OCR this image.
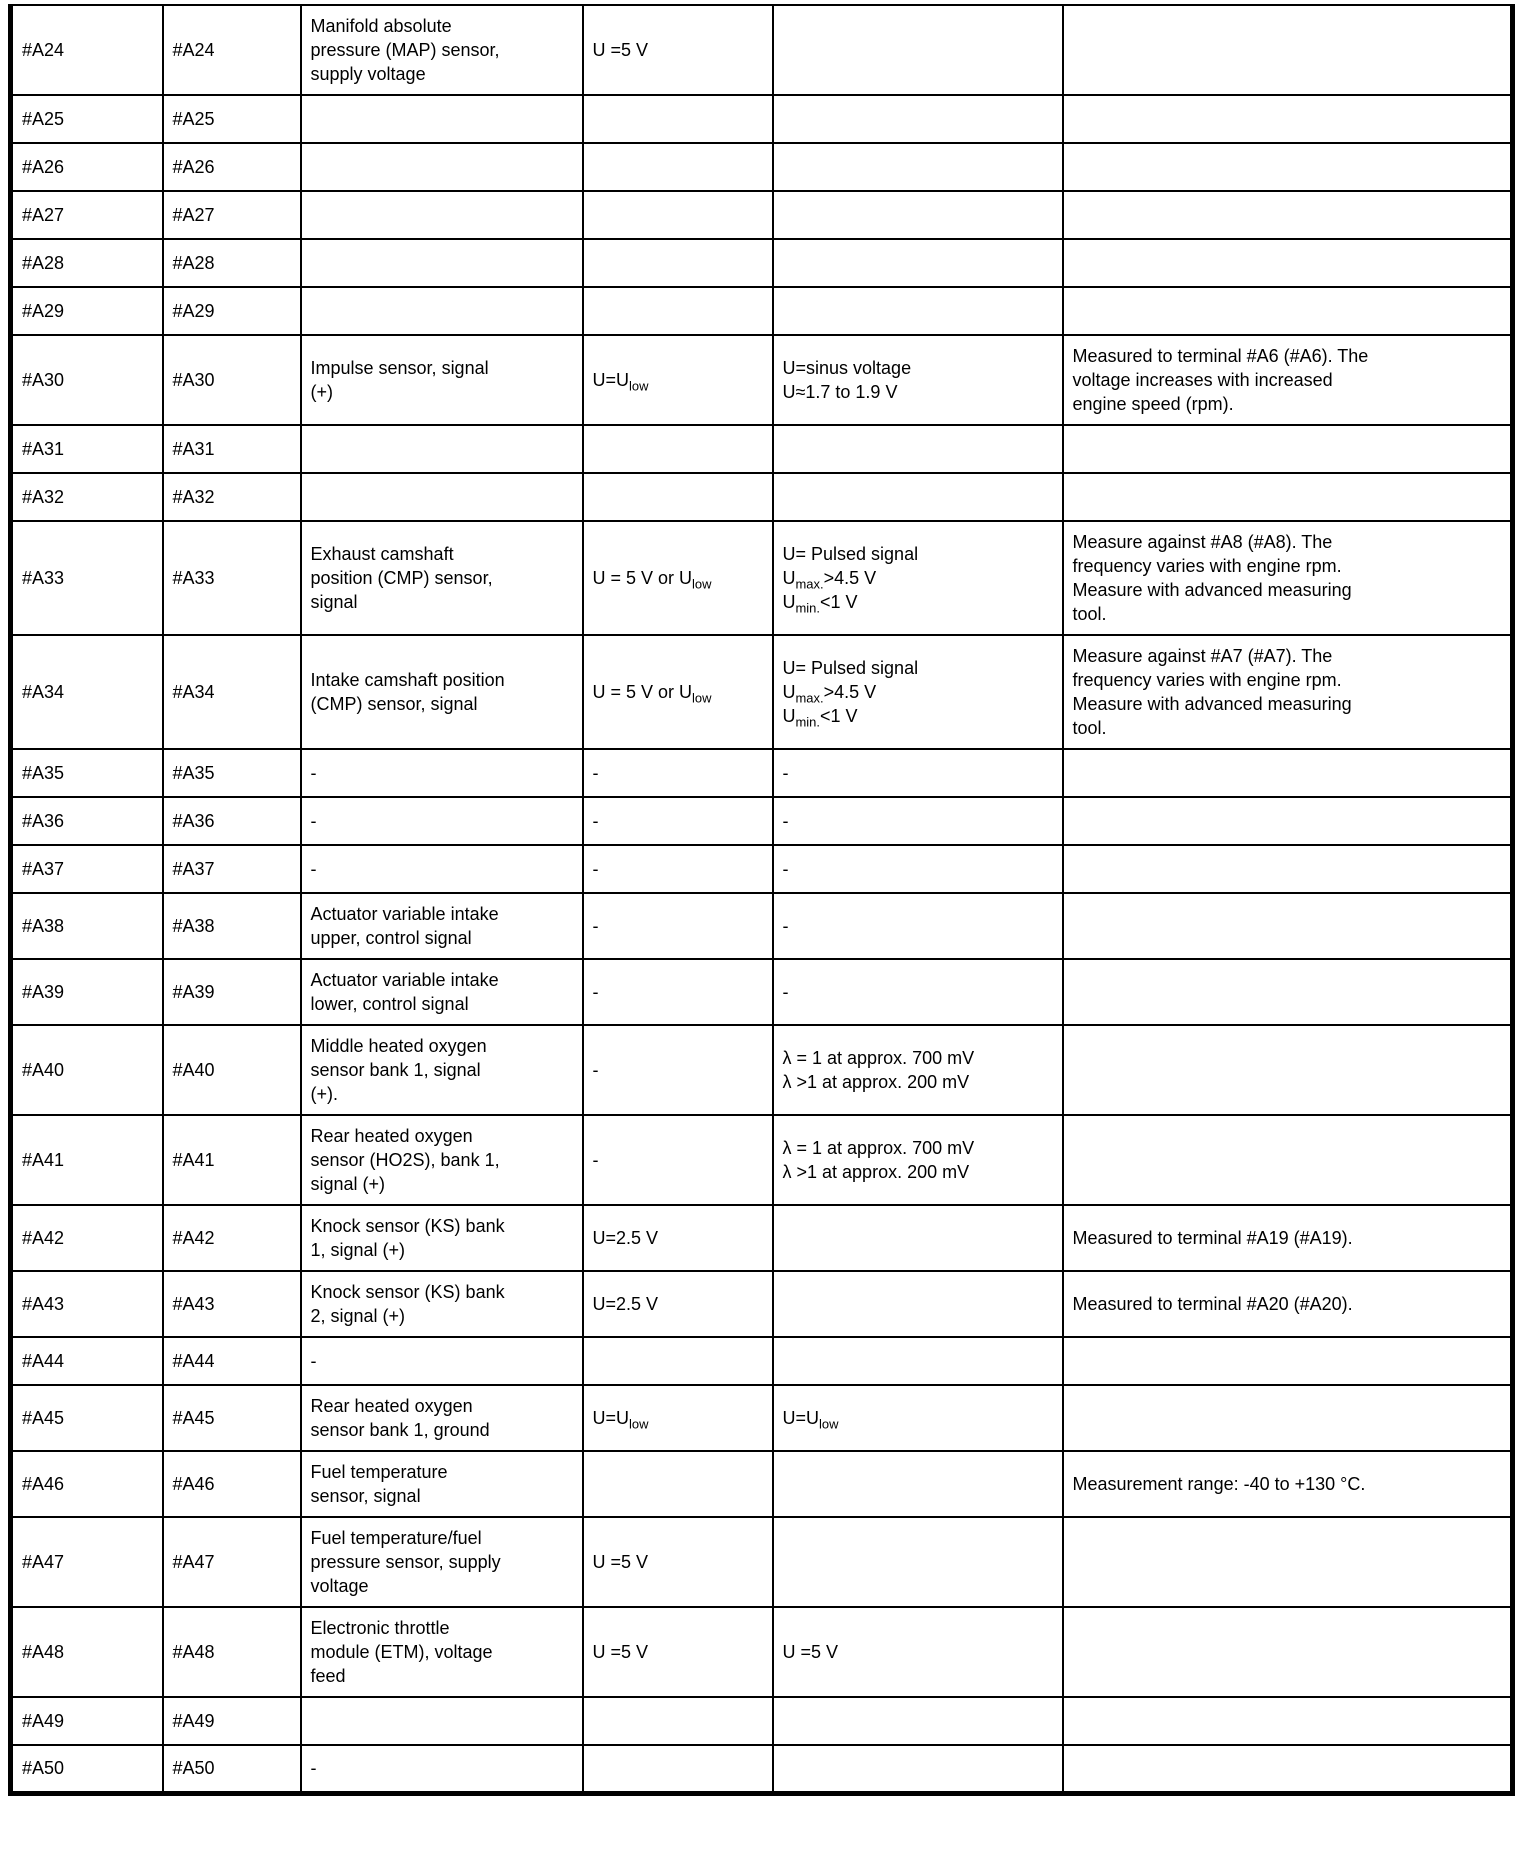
#A24	#A24	Manifold absolute
pressure (MAP) sensor,
supply voltage	U =5 V		
#A25	#A25				
#A26	#A26				
#A27	#A27				
#A28	#A28				
#A29	#A29				
#A30	#A30	Impulse sensor, signal
(+)	$U=U_{low}$	U=sinus voltage
U≈1.7 to 1.9 V	Measured to terminal #A6 (#A6). The
voltage increases with increased
engine speed (rpm).
#A31	#A31				
#A32	#A32				
#A33	#A33	Exhaust camshaft
position (CMP) sensor,
signal	U = 5 V or $U_{low}$	U= Pulsed signal
$U_{max.}>4.5$ V
$U_{min.}<1$ V	Measure against #A8 (#A8). The
frequency varies with engine rpm.
Measure with advanced measuring
tool.
#A34	#A34	Intake camshaft position
(CMP) sensor, signal	U = 5 V or $U_{low}$	U= Pulsed signal
$U_{max.}>4.5$ V
$U_{min.}<1$ V	Measure against #A7 (#A7). The
frequency varies with engine rpm.
Measure with advanced measuring
tool.
#A35	#A35	-	-	-	
#A36	#A36	-	-	-	
#A37	#A37	-	-	-	
#A38	#A38	Actuator variable intake
upper, control signal	-	-	
#A39	#A39	Actuator variable intake
lower, control signal	-	-	
#A40	#A40	Middle heated oxygen
sensor bank 1, signal
(+).	-	λ = 1 at approx. 700 mV
λ >1 at approx. 200 mV	
#A41	#A41	Rear heated oxygen
sensor (HO2S), bank 1,
signal (+)	-	λ = 1 at approx. 700 mV
λ >1 at approx. 200 mV	
#A42	#A42	Knock sensor (KS) bank
1, signal (+)	U=2.5 V		Measured to terminal #A19 (#A19).
#A43	#A43	Knock sensor (KS) bank
2, signal (+)	U=2.5 V		Measured to terminal #A20 (#A20).
#A44	#A44	-			
#A45	#A45	Rear heated oxygen
sensor bank 1, ground	$U=U_{low}$	$U=U_{low}$	
#A46	#A46	Fuel temperature
sensor, signal			Measurement range: -40 to +130 °C.
#A47	#A47	Fuel temperature/fuel
pressure sensor, supply
voltage	U =5 V		
#A48	#A48	Electronic throttle
module (ETM), voltage
feed	U =5 V	U =5 V	
#A49	#A49				
#A50	#A50	-			
